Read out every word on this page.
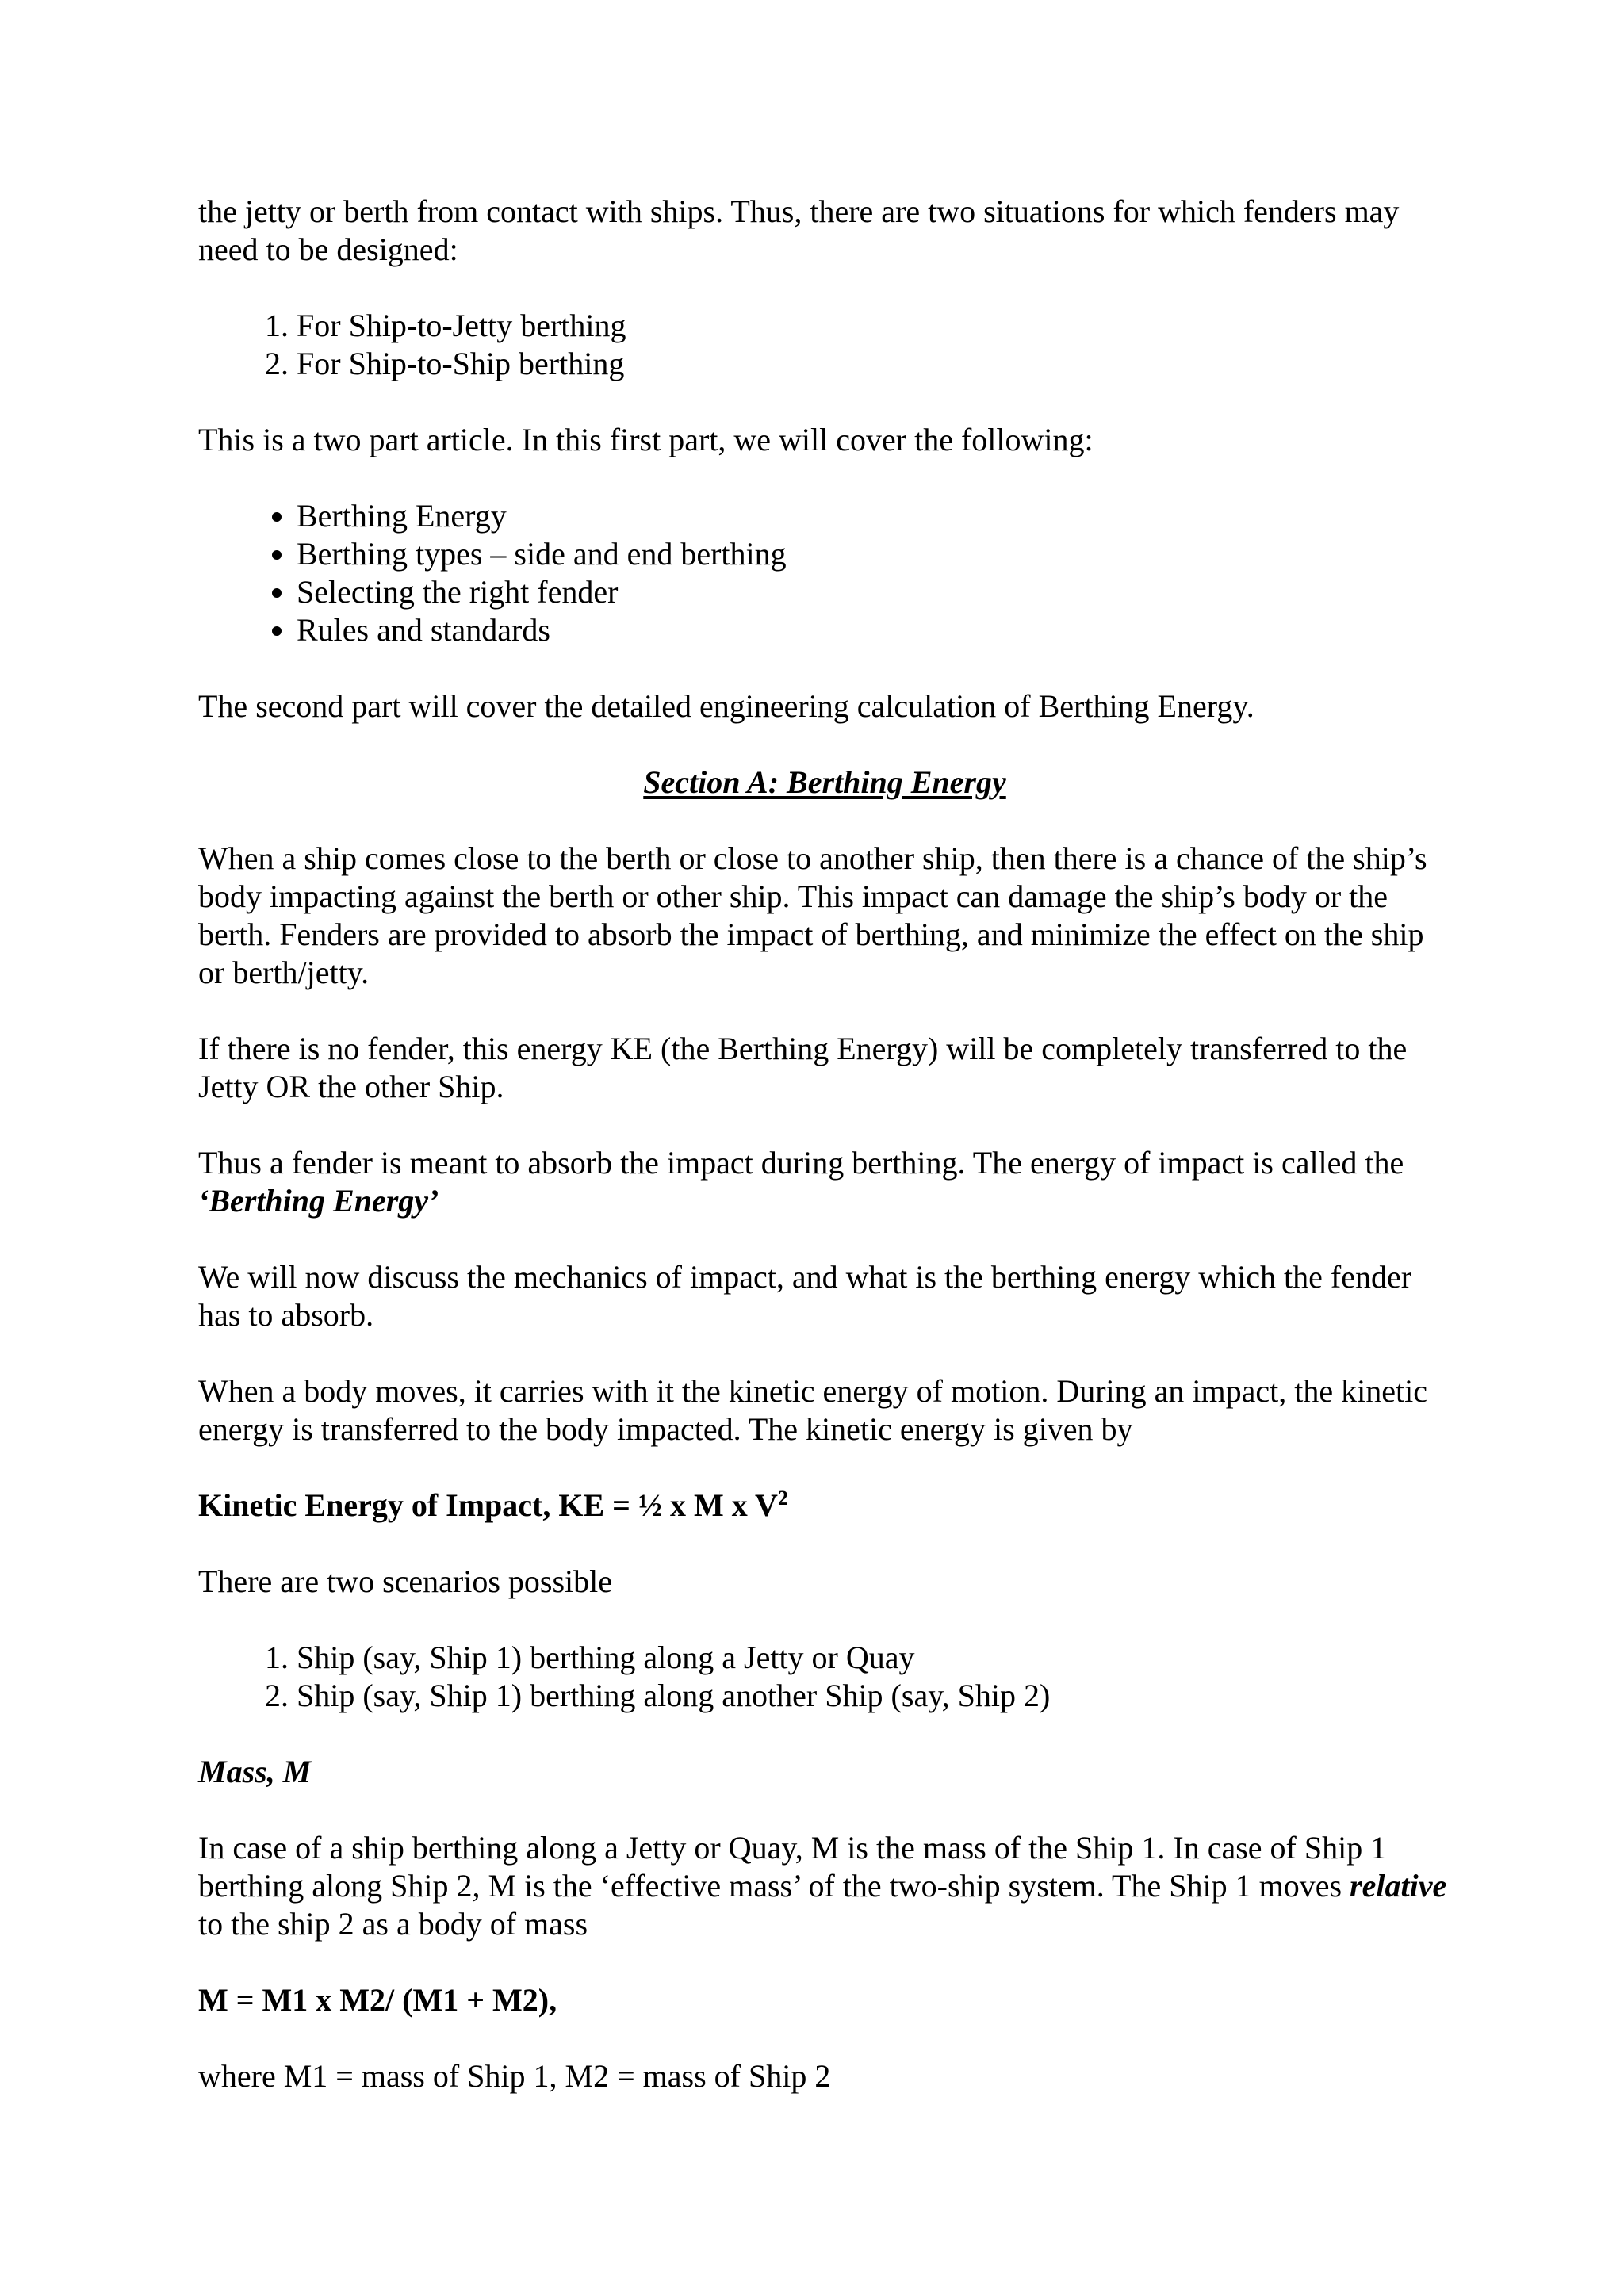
the jetty or berth from contact with ships. Thus, there are two situations for which fenders may need to be designed:

1. For Ship-to-Jetty berthing
2. For Ship-to-Ship berthing

This is a two part article. In this first part, we will cover the following:

• Berthing Energy
• Berthing types – side and end berthing
• Selecting the right fender
• Rules and standards

The second part will cover the detailed engineering calculation of Berthing Energy.

Section A: Berthing Energy

When a ship comes close to the berth or close to another ship, then there is a chance of the ship’s body impacting against the berth or other ship. This impact can damage the ship’s body or the berth. Fenders are provided to absorb the impact of berthing, and minimize the effect on the ship or berth/jetty.

If there is no fender, this energy KE (the Berthing Energy) will be completely transferred to the Jetty OR the other Ship.

Thus a fender is meant to absorb the impact during berthing. The energy of impact is called the ‘Berthing Energy’

We will now discuss the mechanics of impact, and what is the berthing energy which the fender has to absorb.

When a body moves, it carries with it the kinetic energy of motion. During an impact, the kinetic energy is transferred to the body impacted. The kinetic energy is given by

Kinetic Energy of Impact, KE = ½ x M x $V^2$

There are two scenarios possible

1. Ship (say, Ship 1) berthing along a Jetty or Quay
2. Ship (say, Ship 1) berthing along another Ship (say, Ship 2)

Mass, M

In case of a ship berthing along a Jetty or Quay, M is the mass of the Ship 1. In case of Ship 1 berthing along Ship 2, M is the ‘effective mass’ of the two-ship system. The Ship 1 moves relative to the ship 2 as a body of mass

M = M1 x M2/ (M1 + M2),

where M1 = mass of Ship 1, M2 = mass of Ship 2
